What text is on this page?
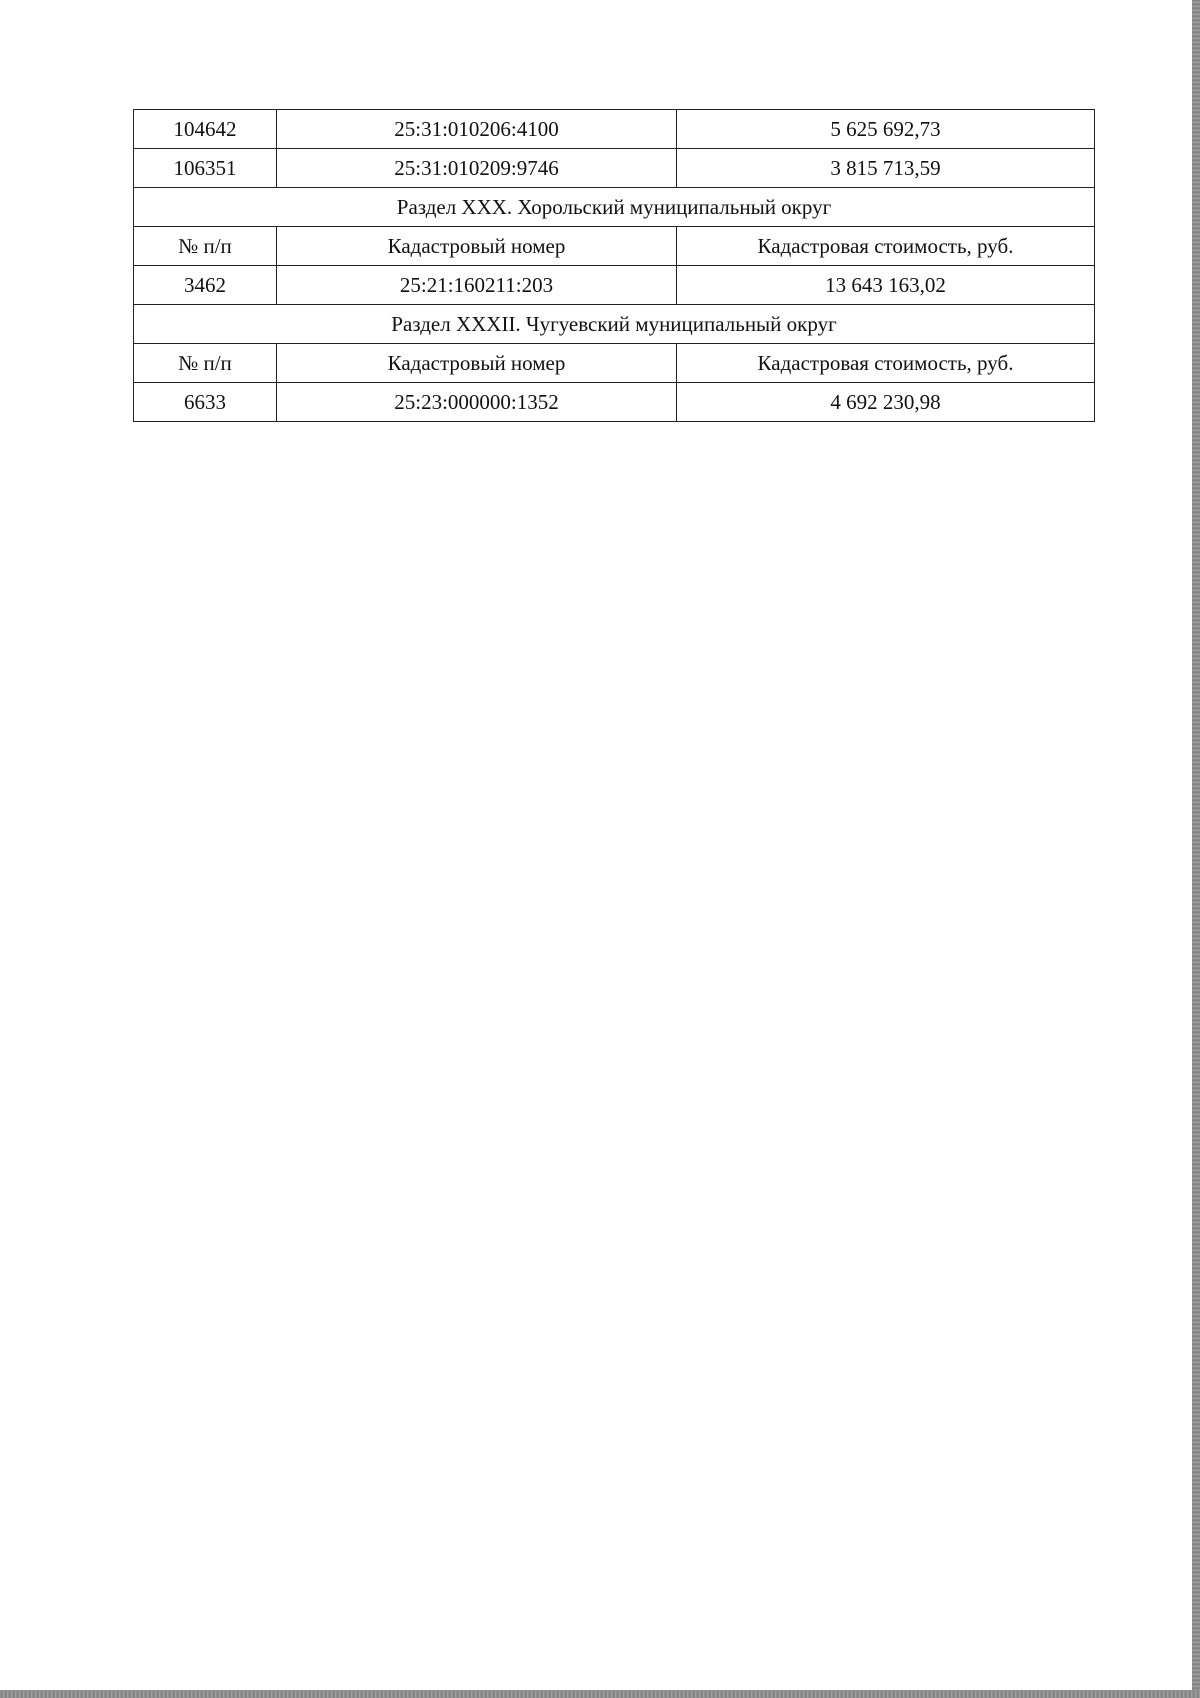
104642	25:31:010206:4100	5 625 692,73
106351	25:31:010209:9746	3 815 713,59
Раздел XXX. Хорольский муниципальный округ		
№ п/п	Кадастровый номер	Кадастровая стоимость, руб.
3462	25:21:160211:203	13 643 163,02
Раздел XXXII. Чугуевский муниципальный округ		
№ п/п	Кадастровый номер	Кадастровая стоимость, руб.
6633	25:23:000000:1352	4 692 230,98
